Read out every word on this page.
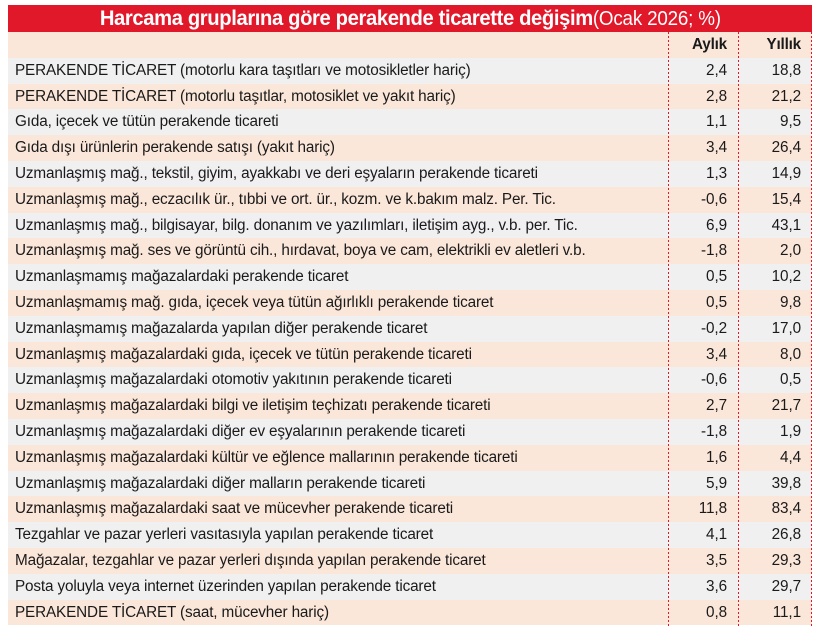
Harcama gruplarına göre perakende ticarette değişim(Ocak 2026; %)
	Aylık	Yıllık
PERAKENDE TİCARET (motorlu kara taşıtları ve motosikletler hariç)	2,4	18,8
PERAKENDE TİCARET (motorlu taşıtlar, motosiklet ve yakıt hariç)	2,8	21,2
Gıda, içecek ve tütün perakende ticareti	1,1	9,5
Gıda dışı ürünlerin perakende satışı (yakıt hariç)	3,4	26,4
Uzmanlaşmış mağ., tekstil, giyim, ayakkabı ve deri eşyaların perakende ticareti	1,3	14,9
Uzmanlaşmış mağ., eczacılık ür., tıbbi ve ort. ür., kozm. ve k.bakım malz. Per. Tic.	-0,6	15,4
Uzmanlaşmış mağ., bilgisayar, bilg. donanım ve yazılımları, iletişim ayg., v.b. per. Tic.	6,9	43,1
Uzmanlaşmış mağ. ses ve görüntü cih., hırdavat, boya ve cam, elektrikli ev aletleri v.b.	-1,8	2,0
Uzmanlaşmamış mağazalardaki perakende ticaret	0,5	10,2
Uzmanlaşmamış mağ. gıda, içecek veya tütün ağırlıklı perakende ticaret	0,5	9,8
Uzmanlaşmamış mağazalarda yapılan diğer perakende ticaret	-0,2	17,0
Uzmanlaşmış mağazalardaki gıda, içecek ve tütün perakende ticareti	3,4	8,0
Uzmanlaşmış mağazalardaki otomotiv yakıtının perakende ticareti	-0,6	0,5
Uzmanlaşmış mağazalardaki bilgi ve iletişim teçhizatı perakende ticareti	2,7	21,7
Uzmanlaşmış mağazalardaki diğer ev eşyalarının perakende ticareti	-1,8	1,9
Uzmanlaşmış mağazalardaki kültür ve eğlence mallarının perakende ticareti	1,6	4,4
Uzmanlaşmış mağazalardaki diğer malların perakende ticareti	5,9	39,8
Uzmanlaşmış mağazalardaki saat ve mücevher perakende ticareti	11,8	83,4
Tezgahlar ve pazar yerleri vasıtasıyla yapılan perakende ticaret	4,1	26,8
Mağazalar, tezgahlar ve pazar yerleri dışında yapılan perakende ticaret	3,5	29,3
Posta yoluyla veya internet üzerinden yapılan perakende ticaret	3,6	29,7
PERAKENDE TİCARET (saat, mücevher hariç)	0,8	11,1
